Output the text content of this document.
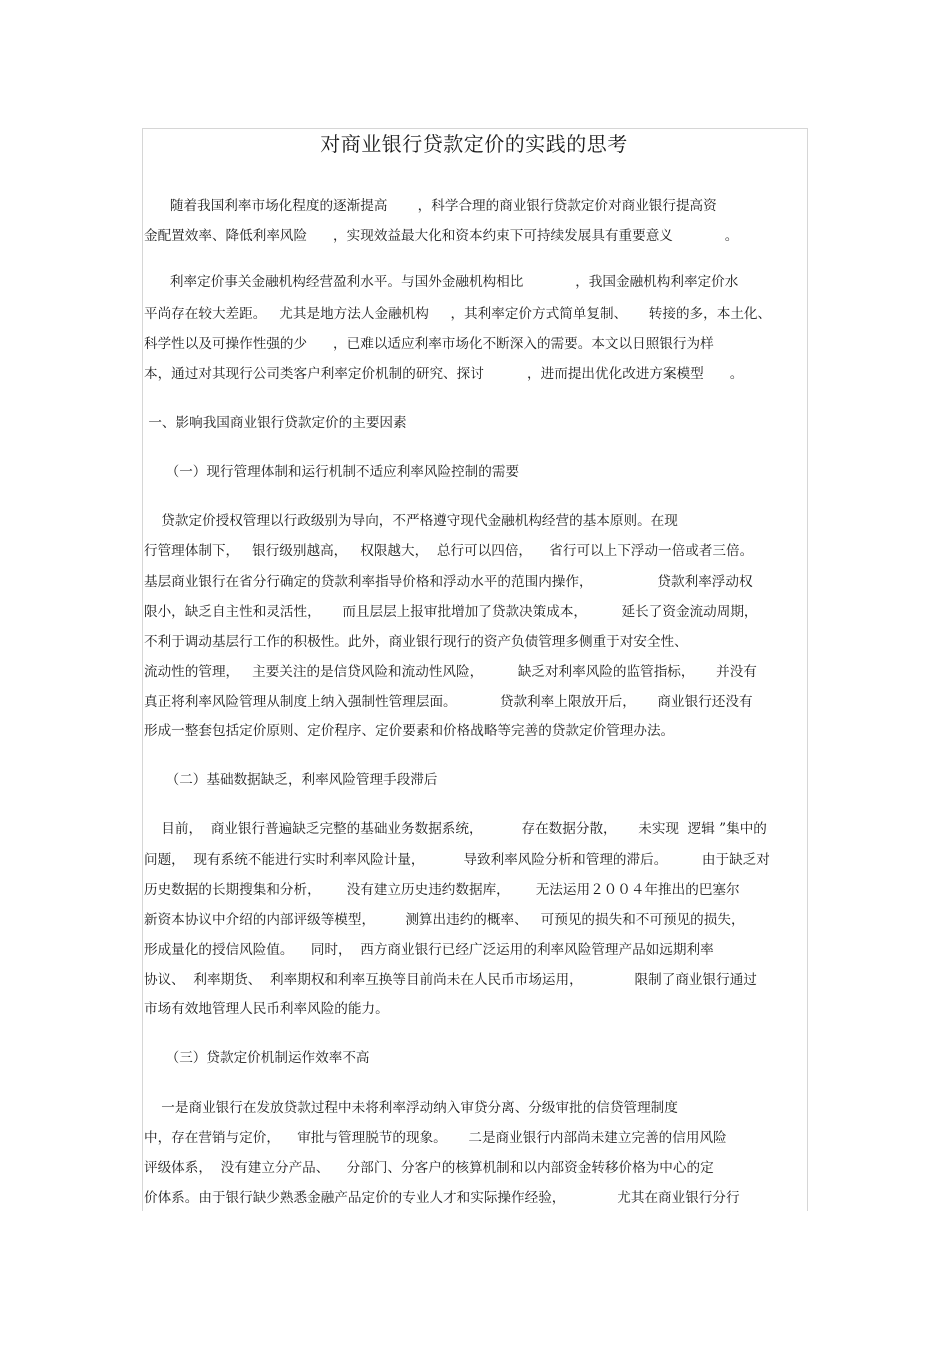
对商业银行贷款定价的实践的思考
随着我国利率市场化程度的逐渐提高       ，科学合理的商业银行贷款定价对商业银行提高资
金配置效率、降低利率风险      ，实现效益最大化和资本约束下可持续发展具有重要意义            。
利率定价事关金融机构经营盈利水平。与国外金融机构相比            ，我国金融机构利率定价水
平尚存在较大差距。   尤其是地方法人金融机构     ，其利率定价方式简单复制、     转接的多，本土化、
科学性以及可操作性强的少      ，已难以适应利率市场化不断深入的需要。本文以日照银行为样
本，通过对其现行公司类客户利率定价机制的研究、探讨          ，进而提出优化改进方案模型      。
一、影响我国商业银行贷款定价的主要因素
（一）现行管理体制和运行机制不适应利率风险控制的需要
贷款定价授权管理以行政级别为导向，不严格遵守现代金融机构经营的基本原则。在现
行管理体制下，   银行级别越高，   权限越大，  总行可以四倍，    省行可以上下浮动一倍或者三倍。
基层商业银行在省分行确定的贷款利率指导价格和浮动水平的范围内操作，               贷款利率浮动权
限小，缺乏自主性和灵活性，     而且层层上报审批增加了贷款决策成本，        延长了资金流动周期，
不利于调动基层行工作的积极性。此外，商业银行现行的资产负债管理多侧重于对安全性、
流动性的管理，   主要关注的是信贷风险和流动性风险，        缺乏对利率风险的监管指标，     并没有
真正将利率风险管理从制度上纳入强制性管理层面。          贷款利率上限放开后，     商业银行还没有
形成一整套包括定价原则、定价程序、定价要素和价格战略等完善的贷款定价管理办法。
（二）基础数据缺乏，利率风险管理手段滞后
目前，  商业银行普遍缺乏完整的基础业务数据系统，         存在数据分散，     未实现  逻辑 ”集中的
问题，  现有系统不能进行实时利率风险计量，         导致利率风险分析和管理的滞后。        由于缺乏对
历史数据的长期搜集和分析，      没有建立历史违约数据库，      无法运用２００４年推出的巴塞尔
新资本协议中介绍的内部评级等模型，       测算出违约的概率、   可预见的损失和不可预见的损失，
形成量化的授信风险值。    同时，  西方商业银行已经广泛运用的利率风险管理产品如远期利率
协议、  利率期货、  利率期权和利率互换等目前尚未在人民币市场运用，            限制了商业银行通过
市场有效地管理人民币利率风险的能力。
（三）贷款定价机制运作效率不高
一是商业银行在发放贷款过程中未将利率浮动纳入审贷分离、分级审批的信贷管理制度
中，存在营销与定价，    审批与管理脱节的现象。     二是商业银行内部尚未建立完善的信用风险
评级体系，  没有建立分产品、    分部门、分客户的核算机制和以内部资金转移价格为中心的定
价体系。由于银行缺少熟悉金融产品定价的专业人才和实际操作经验，            尤其在商业银行分行
